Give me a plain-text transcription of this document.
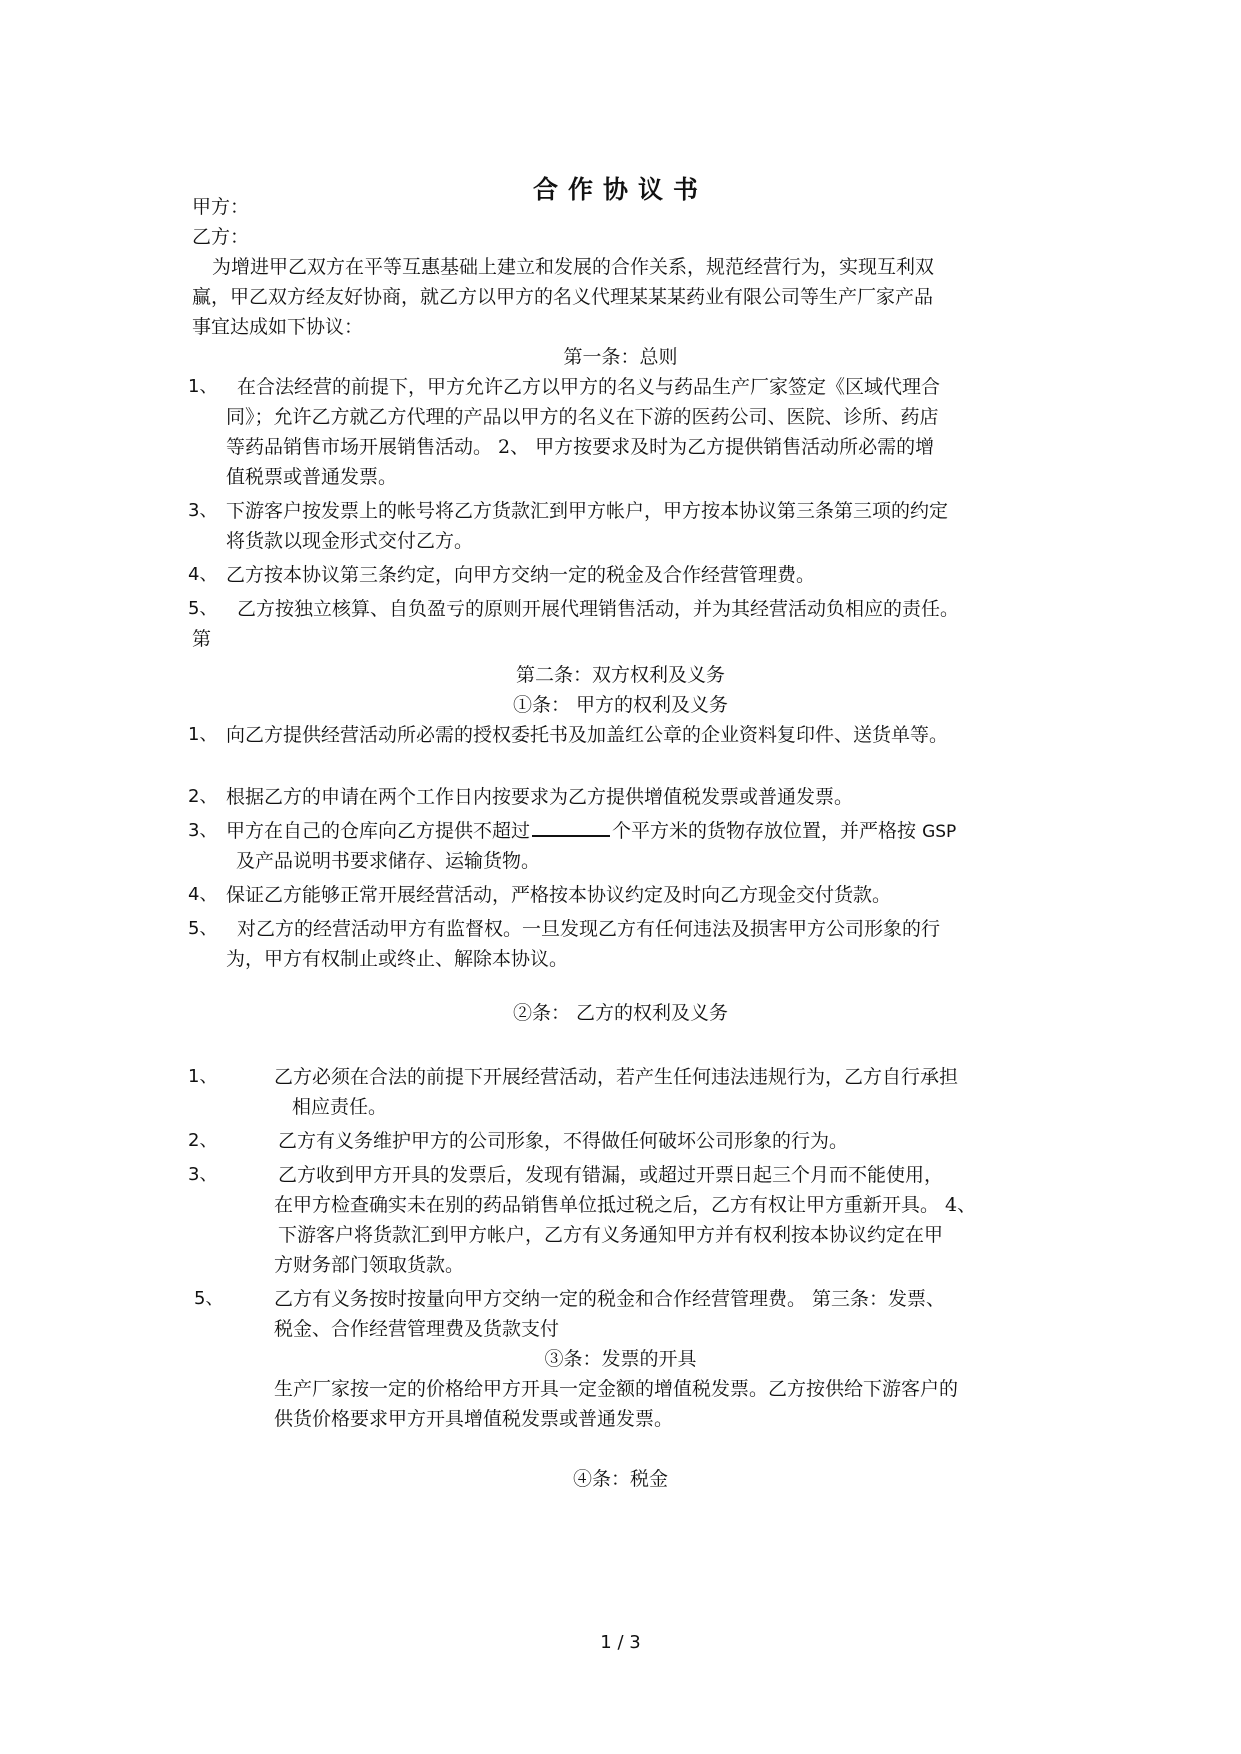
合作协议书
甲方：
乙方：
为增进甲乙双方在平等互惠基础上建立和发展的合作关系，规范经营行为，实现互利双
赢，甲乙双方经友好协商，就乙方以甲方的名义代理某某某药业有限公司等生产厂家产品
事宜达成如下协议：
第一条：总则
1、 在合法经营的前提下，甲方允许乙方以甲方的名义与药品生产厂家签定《区域代理合
同》；允许乙方就乙方代理的产品以甲方的名义在下游的医药公司、医院、诊所、药店
等药品销售市场开展销售活动。 2、 甲方按要求及时为乙方提供销售活动所必需的增
值税票或普通发票。
3、 下游客户按发票上的帐号将乙方货款汇到甲方帐户，甲方按本协议第三条第三项的约定
将货款以现金形式交付乙方。
4、 乙方按本协议第三条约定，向甲方交纳一定的税金及合作经营管理费。
5、 乙方按独立核算、自负盈亏的原则开展代理销售活动，并为其经营活动负相应的责任。
第
第二条：双方权利及义务
①条： 甲方的权利及义务
1、 向乙方提供经营活动所必需的授权委托书及加盖红公章的企业资料复印件、送货单等。
2、 根据乙方的申请在两个工作日内按要求为乙方提供增值税发票或普通发票。
3、 甲方在自己的仓库向乙方提供不超过	个平方米的货物存放位置，并严格按 GSP
及产品说明书要求储存、运输货物。
4、 保证乙方能够正常开展经营活动，严格按本协议约定及时向乙方现金交付货款。
5、 对乙方的经营活动甲方有监督权。一旦发现乙方有任何违法及损害甲方公司形象的行
为，甲方有权制止或终止、解除本协议。
②条： 乙方的权利及义务
1、	乙方必须在合法的前提下开展经营活动，若产生任何违法违规行为，乙方自行承担
相应责任。
2、	乙方有义务维护甲方的公司形象，不得做任何破坏公司形象的行为。
3、	乙方收到甲方开具的发票后，发现有错漏，或超过开票日起三个月而不能使用，
在甲方检查确实未在别的药品销售单位抵过税之后，乙方有权让甲方重新开具。 4、
下游客户将货款汇到甲方帐户，乙方有义务通知甲方并有权利按本协议约定在甲
方财务部门领取货款。
5、	乙方有义务按时按量向甲方交纳一定的税金和合作经营管理费。 第三条：发票、
税金、合作经营管理费及货款支付
③条：发票的开具
生产厂家按一定的价格给甲方开具一定金额的增值税发票。乙方按供给下游客户的
供货价格要求甲方开具增值税发票或普通发票。
④条：税金
1 / 3
